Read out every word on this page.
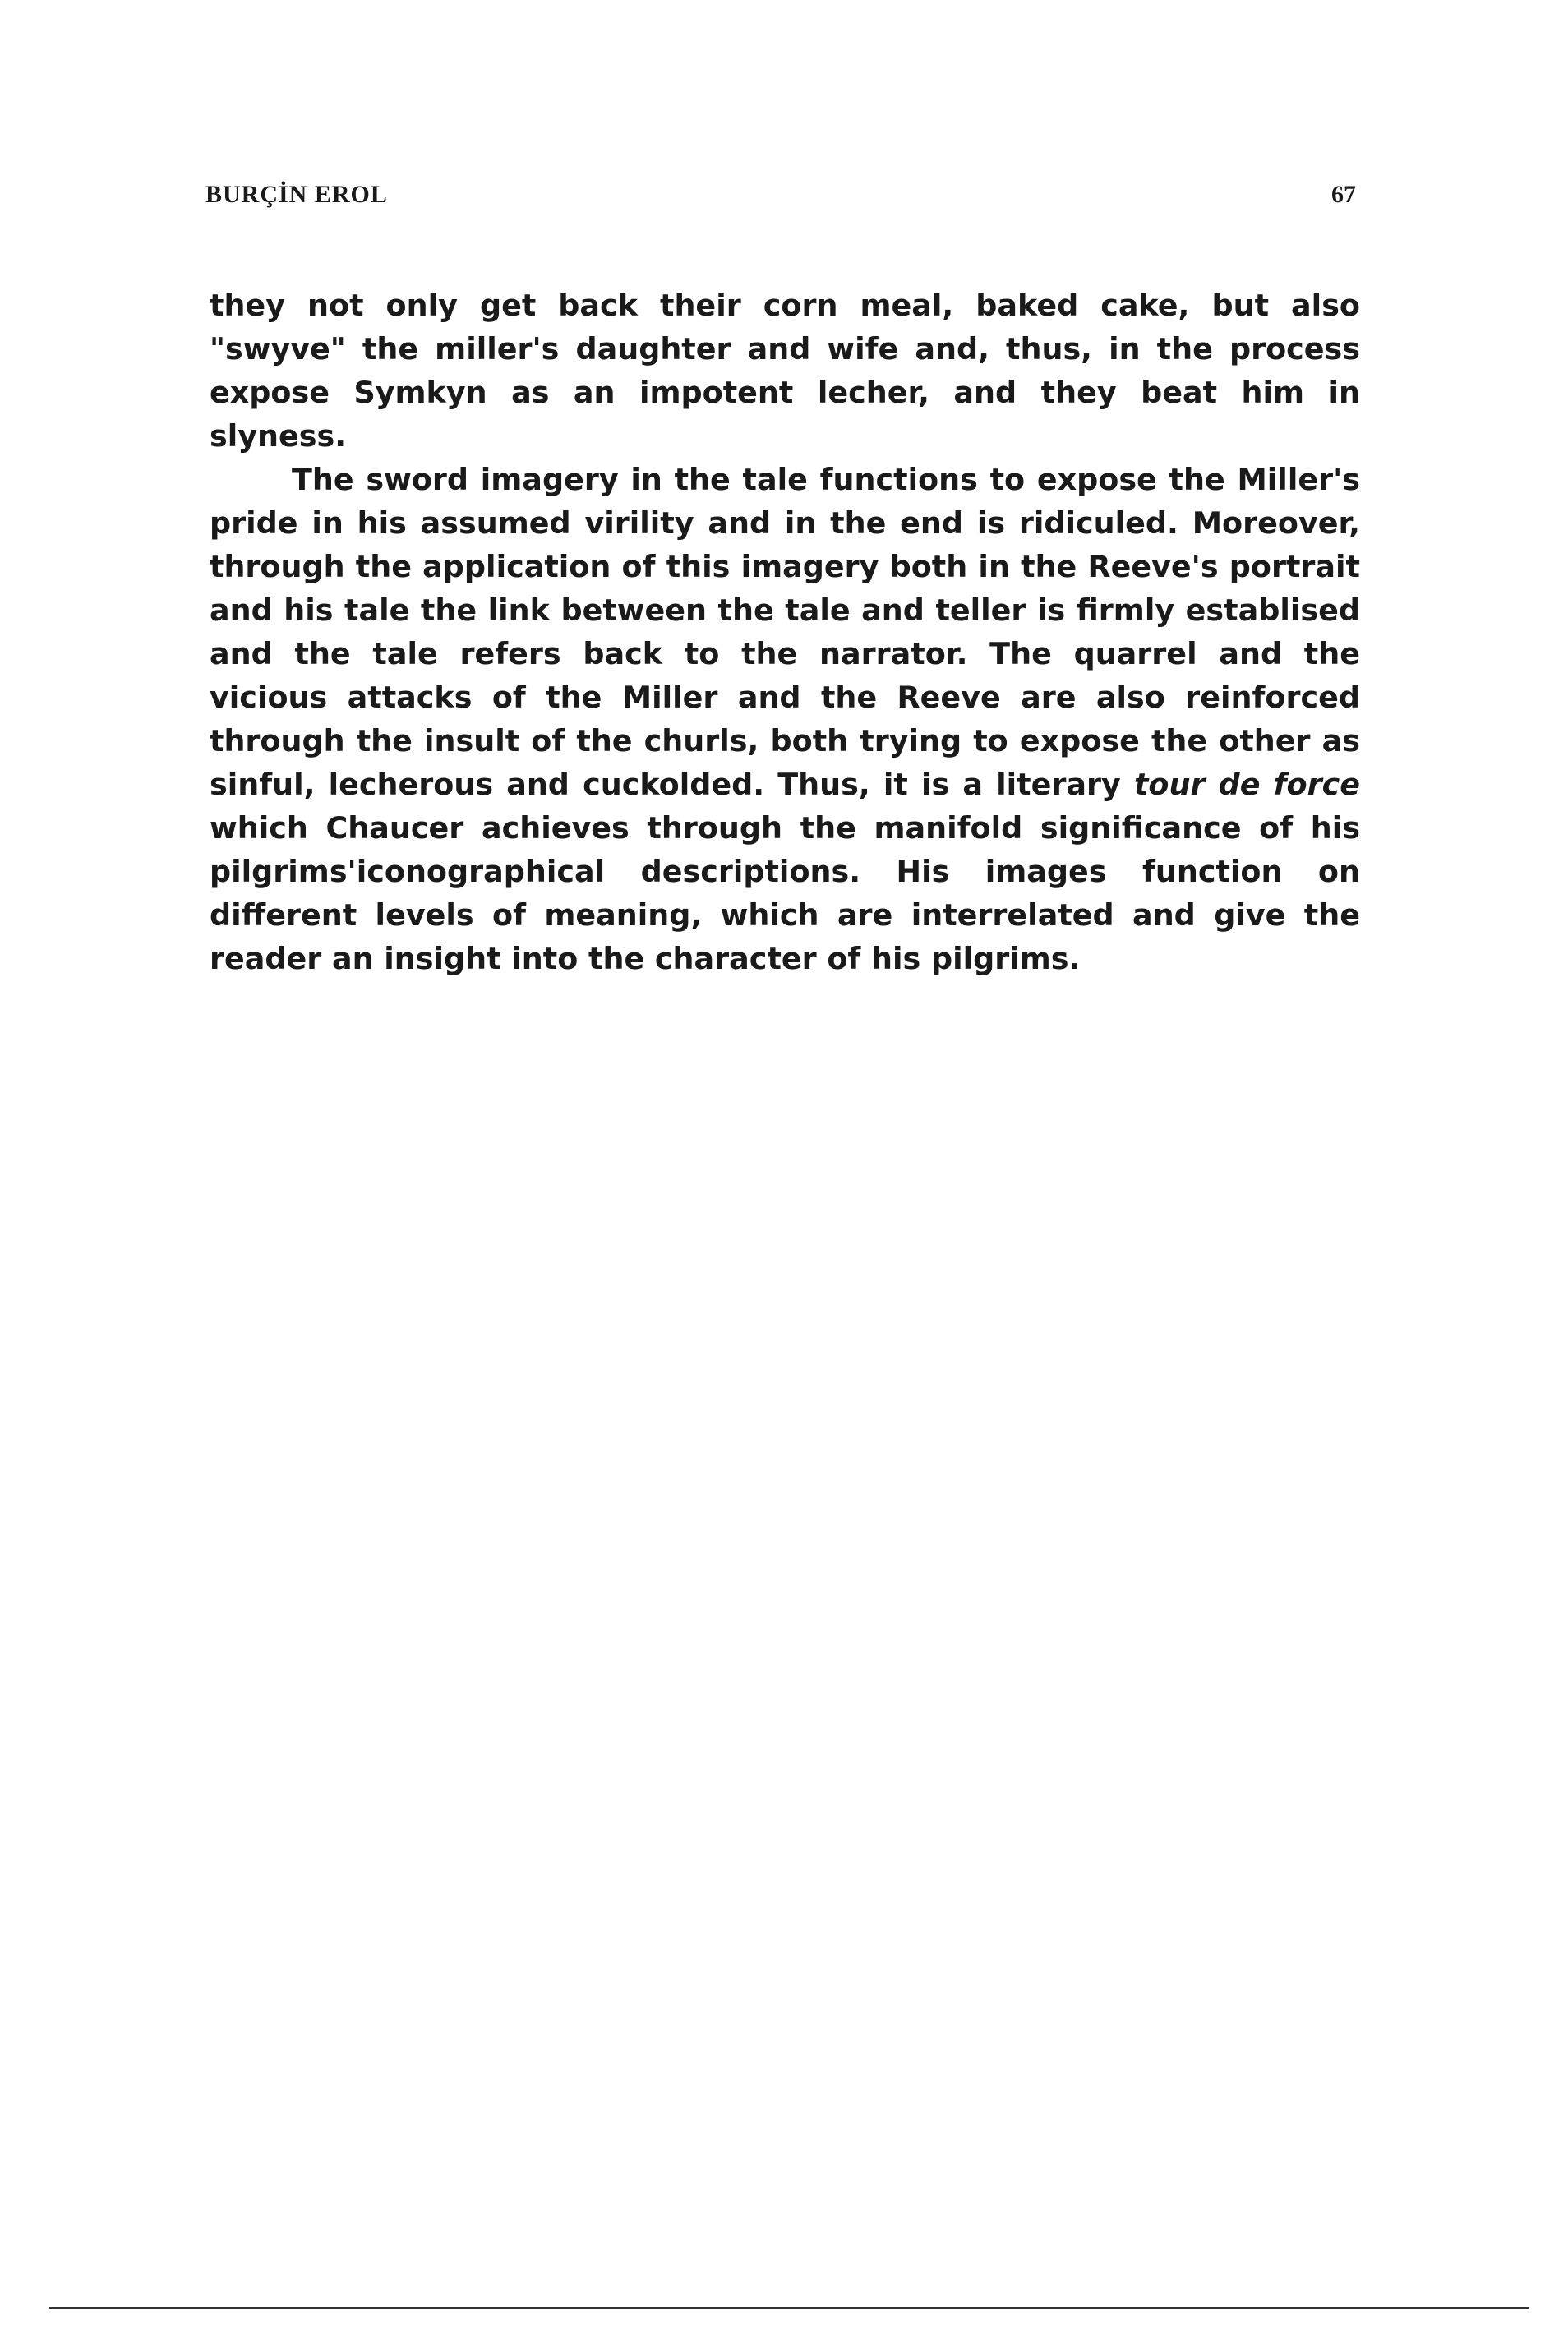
BURÇİN EROL	67

they not only get back their corn meal, baked cake, but also "swyve" the miller's daughter and wife and, thus, in the process expose Symkyn as an impotent lecher, and they beat him in slyness.

The sword imagery in the tale functions to expose the Miller's pride in his assumed virility and in the end is ridiculed. Moreover, through the application of this imagery both in the Reeve's portrait and his tale the link between the tale and teller is firmly establised and the tale refers back to the narrator. The quarrel and the vicious attacks of the Miller and the Reeve are also reinforced through the insult of the churls, both trying to expose the other as sinful, lecherous and cuckolded. Thus, it is a literary tour de force which Chaucer achieves through the manifold significance of his pilgrims'iconographical descriptions. His images function on different levels of meaning, which are interrelated and give the reader an insight into the character of his pilgrims.
